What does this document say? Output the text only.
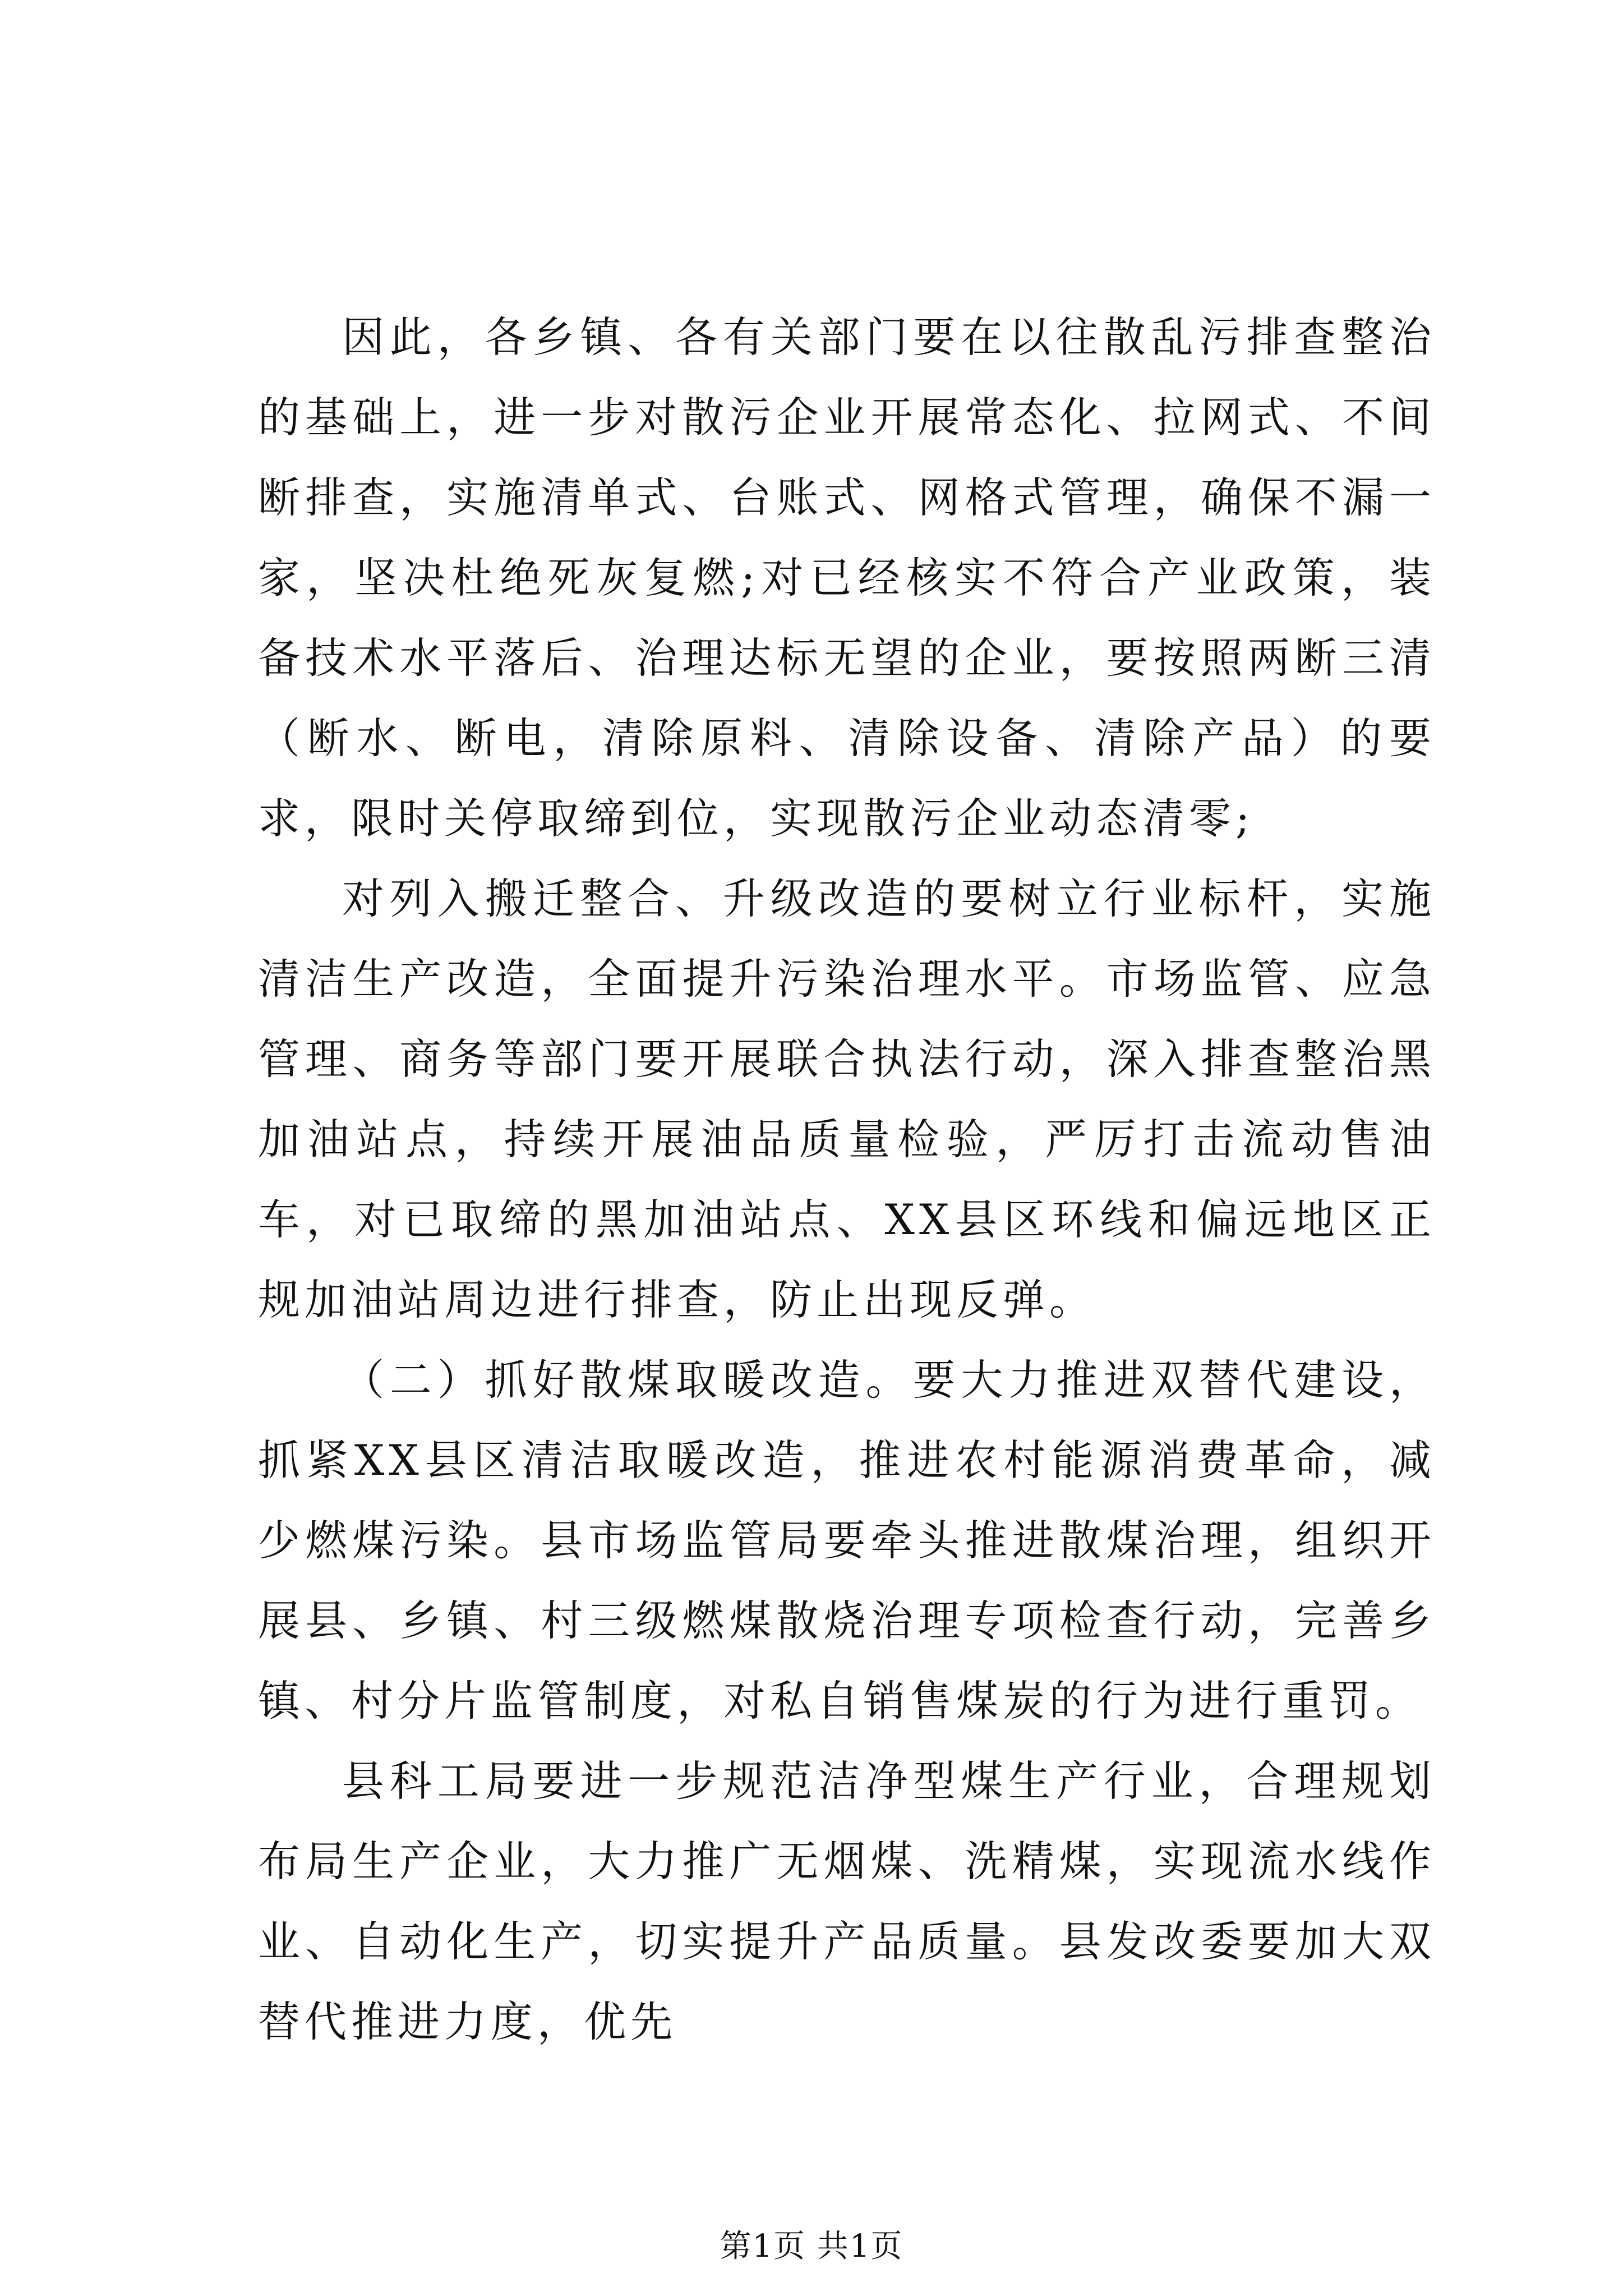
因此，各乡镇、各有关部门要在以往散乱污排查整治的基础上，进一步对散污企业开展常态化、拉网式、不间断排查，实施清单式、台账式、网格式管理，确保不漏一家，坚决杜绝死灰复燃;对已经核实不符合产业政策，装备技术水平落后、治理达标无望的企业，要按照两断三清（断水、断电，清除原料、清除设备、清除产品）的要求，限时关停取缔到位，实现散污企业动态清零;

对列入搬迁整合、升级改造的要树立行业标杆，实施清洁生产改造，全面提升污染治理水平。市场监管、应急管理、商务等部门要开展联合执法行动，深入排查整治黑加油站点，持续开展油品质量检验，严厉打击流动售油车，对已取缔的黑加油站点、XX县区环线和偏远地区正规加油站周边进行排查，防止出现反弹。

（二）抓好散煤取暖改造。要大力推进双替代建设，抓紧XX县区清洁取暖改造，推进农村能源消费革命，减少燃煤污染。县市场监管局要牵头推进散煤治理，组织开展县、乡镇、村三级燃煤散烧治理专项检查行动，完善乡镇、村分片监管制度，对私自销售煤炭的行为进行重罚。

县科工局要进一步规范洁净型煤生产行业，合理规划布局生产企业，大力推广无烟煤、洗精煤，实现流水线作业、自动化生产，切实提升产品质量。县发改委要加大双替代推进力度，优先

第1页 共1页
